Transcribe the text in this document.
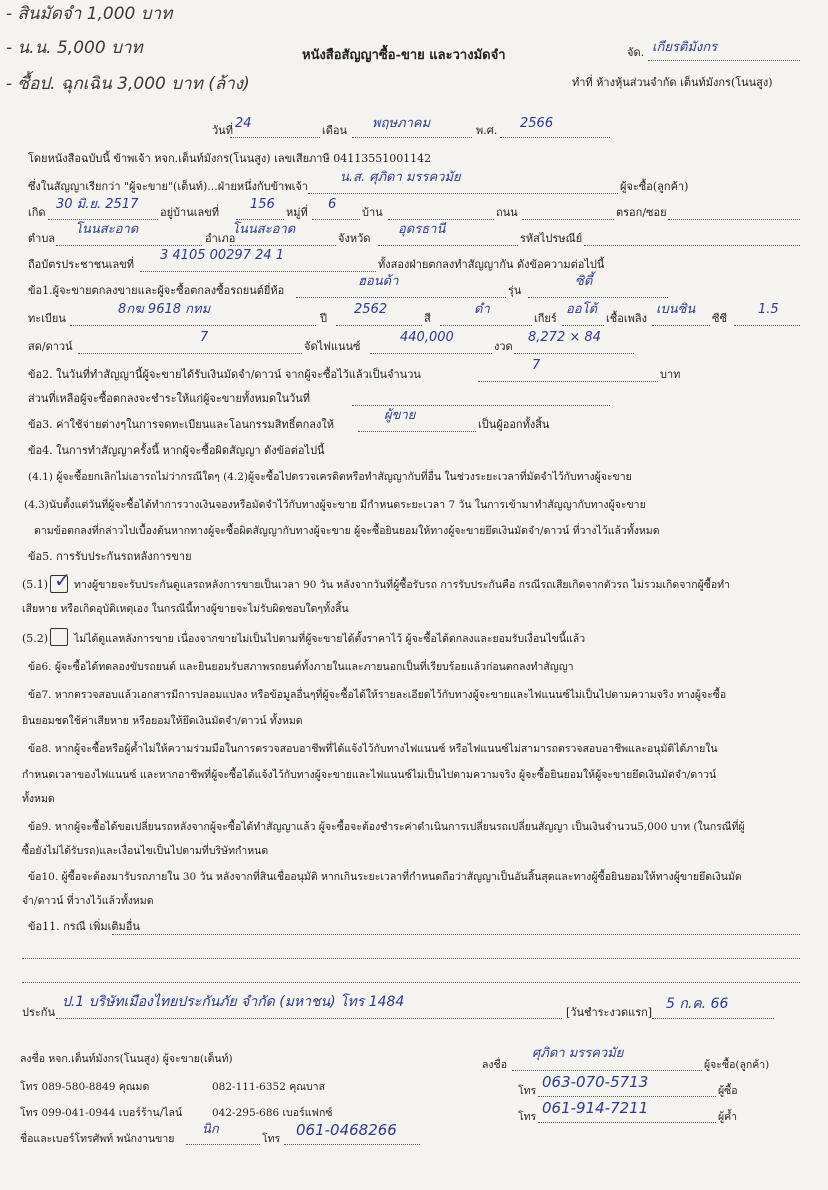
- สินมัดจำ 1,000 บาท
- น.น. 5,000 บาท
- ซื้อป. ฉุกเฉิน 3,000 บาท (ล้าง)
หนังสือสัญญาซื้อ-ขาย และวางมัดจำ	จัด. เกียรติมังกร
ทำที่ ห้างหุ้นส่วนจำกัด เต็นท์มังกร(โนนสูง)
วันที่ 24	เดือน พฤษภาคม	พ.ศ. 2566
โดยหนังสือฉบับนี้ ข้าพเจ้า หจก.เต็นท์มังกร(โนนสูง) เลขเสียภาษี 0411355100114​2
ซึ่งในสัญญาเรียกว่า "ผู้จะขาย"(เต็นท์)...ฝ่ายหนึ่งกับข้าพเจ้า
น.ส. ศุภิดา มรรควมัย
ผู้จะซื้อ(ลูกค้า)
เกิด
30 มิ.ย. 2517
อยู่บ้านเลขที่
156
หมู่ที่
6
บ้าน	ถนน	ตรอก/ซอย
ตำบล
โนนสะอาด
อำเภอ
โนนสะอาด
จังหวัด
อุดรธานี
รหัสไปรษณีย์
ถือบัตรประชาชนเลขที่
3 4105 00297 24 1
ทั้งสองฝ่ายตกลงทำสัญญากัน ดังข้อความต่อไปนี้
ข้อ1.ผู้จะขายตกลงขายและผู้จะซื้อตกลงซื้อรถยนต์ยี่ห้อ
ฮอนด้า
รุ่น
ซิตี้
ทะเบียน
8กฆ 9618 กทม
ปี
2562
สี
ดำ
เกียร์
ออโต้
เชื้อเพลิง
เบนซิน
ซีซี
1.5
สด/ดาวน์
7
จัดไฟแนนซ์
440,000
งวด
8,272 × 84
ข้อ2. ในวันที่ทำสัญญานี้ผู้จะขายได้รับเงินมัดจำ/ดาวน์ จากผู้จะซื้อไว้แล้วเป็นจำนวน
7
บาท
ส่วนที่เหลือผู้จะซื้อตกลงจะชำระให้แก่ผู้จะขายทั้งหมดในวันที่
ข้อ3. ค่าใช้จ่ายต่างๆในการจดทะเบียนและโอนกรรมสิทธิ์ตกลงให้
ผู้ขาย
เป็นผู้ออกทั้งสิ้น
ข้อ4. ในการทำสัญญาครั้งนี้ หากผู้จะซื้อผิดสัญญา ดังข้อต่อไปนี้
(4.1) ผู้จะซื้อยกเลิกไม่เอารถไม่ว่ากรณีใดๆ (4.2)ผู้จะซื้อไปตรวจเครดิตหรือทำสัญญากับที่อื่น ในช่วงระยะเวลาที่มัดจำไว้กับทางผู้จะขาย
(4.3)นับตั้งแต่วันที่ผู้จะซื้อได้ทำการวางเงินจองหรือมัดจำไว้กับทางผู้จะขาย มีกำหนดระยะเวลา 7 วัน ในการเข้ามาทำสัญญากับทางผู้จะขาย
ตามข้อตกลงที่กล่าวไปเบื้องต้นหากทางผู้จะซื้อผิดสัญญากับทางผู้จะขาย ผู้จะซื้อยินยอมให้ทางผู้จะขายยึดเงินมัดจำ/ดาวน์ ที่วางไว้แล้วทั้งหมด
ข้อ5. การรับประกันรถหลังการขาย
(5.1) ✓ ทางผู้ขายจะรับประกันดูแลรถหลังการขายเป็นเวลา 90 วัน หลังจากวันที่ผู้ซื้อรับรถ การรับประกันคือ กรณีรถเสียเกิดจากตัวรถ ไม่รวมเกิดจากผู้ซื้อทำ
เสียหาย หรือเกิดอุบัติเหตุเอง ในกรณีนี้ทางผู้ขายจะไม่รับผิดชอบใดๆทั้งสิ้น
(5.2) ไม่ได้ดูแลหลังการขาย เนื่องจากขายไม่เป็นไปตามที่ผู้จะขายได้ตั้งราคาไว้ ผู้จะซื้อได้ตกลงและยอมรับเงื่อนไขนี้แล้ว
ข้อ6. ผู้จะซื้อได้ทดลองขับรถยนต์ และยินยอมรับสภาพรถยนต์ทั้งภายในและภายนอกเป็นที่เรียบร้อยแล้วก่อนตกลงทำสัญญา
ข้อ7. หากตรวจสอบแล้วเอกสารมีการปลอมแปลง หรือข้อมูลอื่นๆที่ผู้จะซื้อได้ให้รายละเอียดไว้กับทางผู้จะขายและไฟแนนซ์ไม่เป็นไปตามความจริง ทางผู้จะซื้อ
ยินยอมชดใช้ค่าเสียหาย หรือยอมให้ยึดเงินมัดจำ/ดาวน์ ทั้งหมด
ข้อ8. หากผู้จะซื้อหรือผู้ค้ำไม่ให้ความร่วมมือในการตรวจสอบอาชีพที่ได้แจ้งไว้กับทางไฟแนนซ์ หรือไฟแนนซ์ไม่สามารถตรวจสอบอาชีพและอนุมัติได้ภายใน
กำหนดเวลาของไฟแนนซ์ และหากอาชีพที่ผู้จะซื้อได้แจ้งไว้กับทางผู้จะขายและไฟแนนซ์ไม่เป็นไปตามความจริง ผู้จะซื้อยินยอมให้ผู้จะขายยึดเงินมัดจำ/ดาวน์
ทั้งหมด
ข้อ9. หากผู้จะซื้อได้ขอเปลี่ยนรถหลังจากผู้จะซื้อได้ทำสัญญาแล้ว ผู้จะซื้อจะต้องชำระค่าดำเนินการเปลี่ยนรถเปลี่ยนสัญญา เป็นเงินจำนวน5,000 บาท (ในกรณีที่ผู้
ซื้อยังไม่ได้รับรถ)และเงื่อนไขเป็นไปตามที่บริษัทกำหนด
ข้อ10. ผู้ซื้อจะต้องมารับรถภายใน 30 วัน หลังจากที่สินเชื่ออนุมัติ หากเกินระยะเวลาที่กำหนดถือว่าสัญญาเป็นอันสิ้นสุดและทางผู้ซื้อยินยอมให้ทางผู้ขายยึดเงินมัด
จำ/ดาวน์ ที่วางไว้แล้วทั้งหมด
ข้อ11. กรณี เพิ่มเติมอื่น
ประกัน
ป.1 บริษัทเมืองไทยประกันภัย จำกัด (มหาชน) โทร 1484
[วันชำระงวดแรก]
5 ก.ค. 66
ลงชื่อ หจก.เต็นท์มังกร(โนนสูง) ผู้จะขาย(เต็นท์)
โทร 089-580-8849 คุณมด	082-111-6352 คุณบาส
โทร 099-041-0944 เบอร์ร้าน/ไลน์	042-295-686 เบอร์แฟกซ์
ชื่อและเบอร์โทรศัพท์ พนักงานขาย
นิก
โทร 061-0468266
ลงชื่อ
ศุภิดา มรรควมัย
ผู้จะซื้อ(ลูกค้า)
โทร 063-070-5713	ผู้ซื้อ
โทร 061-914-7211	ผู้ค้ำ
